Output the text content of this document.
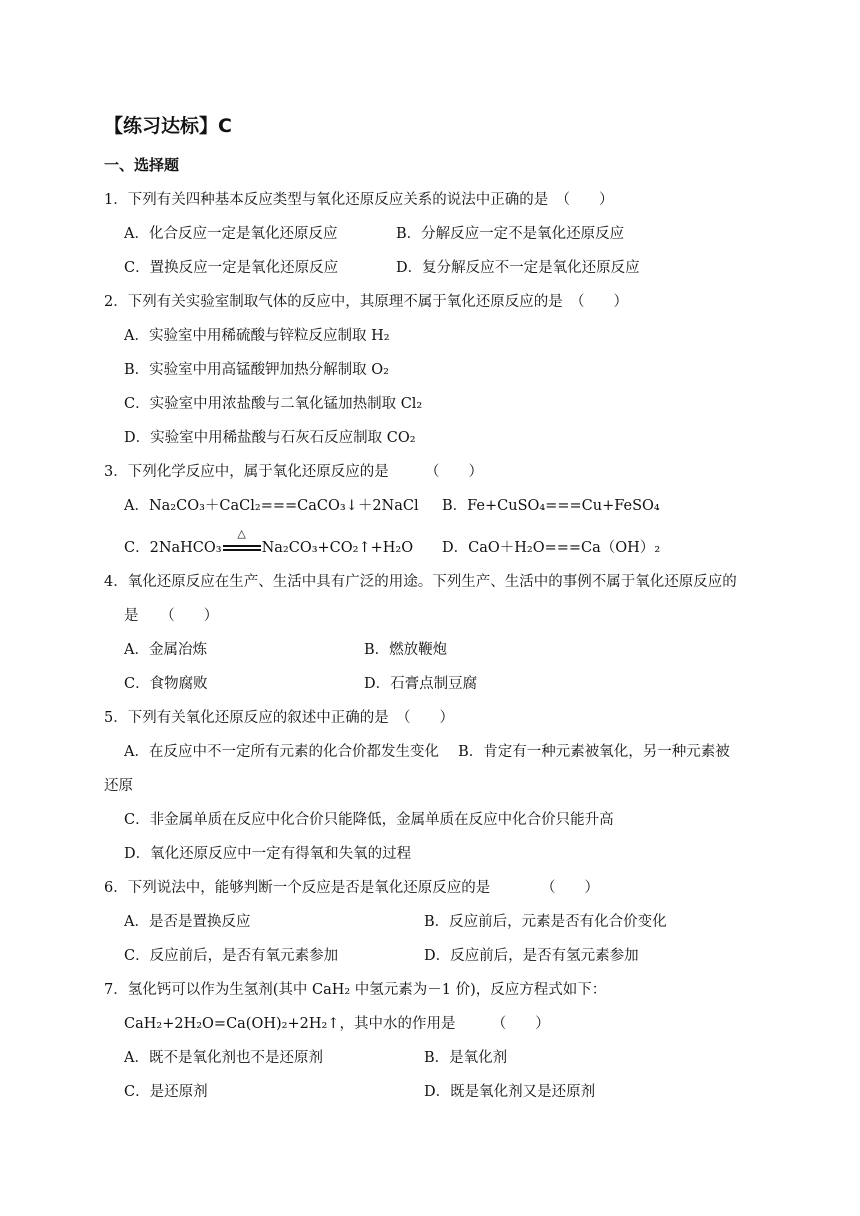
【练习达标】C
一、选择题
1．下列有关四种基本反应类型与氧化还原反应关系的说法中正确的是　（　　）
A．化合反应一定是氧化还原反应	B．分解反应一定不是氧化还原反应
C．置换反应一定是氧化还原反应	D．复分解反应不一定是氧化还原反应
2．下列有关实验室制取气体的反应中，其原理不属于氧化还原反应的是　（　　）
A．实验室中用稀硫酸与锌粒反应制取 H₂
B．实验室中用高锰酸钾加热分解制取 O₂
C．实验室中用浓盐酸与二氧化锰加热制取 Cl₂
D．实验室中用稀盐酸与石灰石反应制取 CO₂
3．下列化学反应中，属于氧化还原反应的是　　　（　　）
A．Na₂CO₃＋CaCl₂===CaCO₃↓＋2NaCl B．Fe+CuSO₄===Cu+FeSO₄
C．2NaHCO₃
△
Na₂CO₃+CO₂↑+H₂O D．CaO＋H₂O===Ca（OH）₂
4．氧化还原反应在生产、生活中具有广泛的用途。下列生产、生活中的事例不属于氧化还原反应的
是　　（　　）
A．金属冶炼	B．燃放鞭炮
C．食物腐败	D．石膏点制豆腐
5．下列有关氧化还原反应的叙述中正确的是　（　　）
A．在反应中不一定所有元素的化合价都发生变化　 B．肯定有一种元素被氧化，另一种元素被
还原
C．非金属单质在反应中化合价只能降低，金属单质在反应中化合价只能升高
D．氧化还原反应中一定有得氧和失氧的过程
6．下列说法中，能够判断一个反应是否是氧化还原反应的是　　　　（　　）
A．是否是置换反应	B．反应前后，元素是否有化合价变化
C．反应前后，是否有氧元素参加	D．反应前后，是否有氢元素参加
7．氢化钙可以作为生氢剂(其中 CaH₂ 中氢元素为－1 价)，反应方程式如下：
CaH₂+2H₂O=Ca(OH)₂+2H₂↑，其中水的作用是　　　（　　）
A．既不是氧化剂也不是还原剂	B．是氧化剂
C．是还原剂	D．既是氧化剂又是还原剂
